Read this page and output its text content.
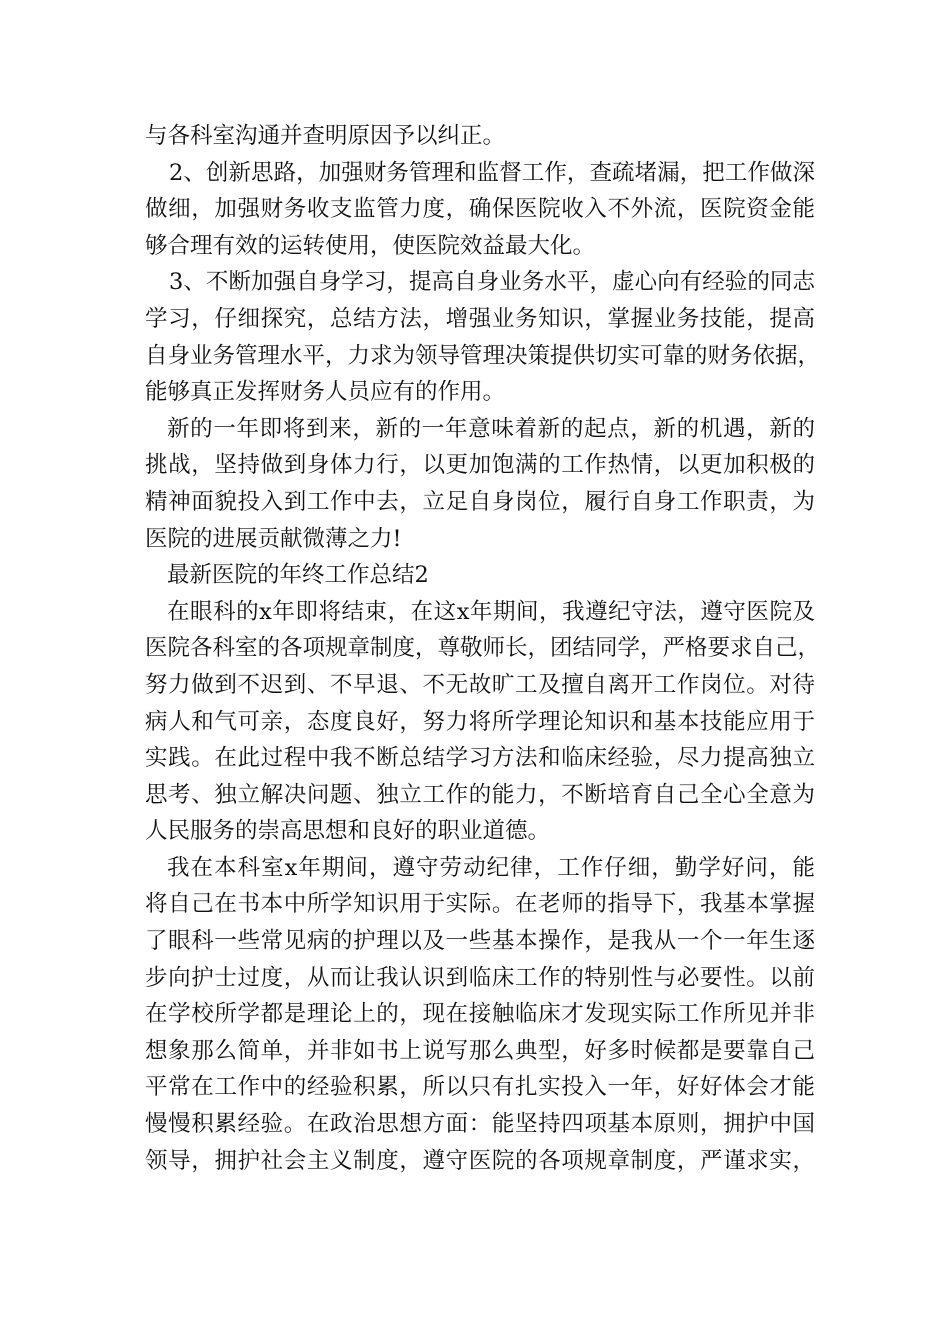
与各科室沟通并查明原因予以纠正。
2、创新思路，加强财务管理和监督工作，查疏堵漏，把工作做深
做细，加强财务收支监管力度，确保医院收入不外流，医院资金能
够合理有效的运转使用，使医院效益最大化。
3、不断加强自身学习，提高自身业务水平，虚心向有经验的同志
学习，仔细探究，总结方法，增强业务知识，掌握业务技能，提高
自身业务管理水平，力求为领导管理决策提供切实可靠的财务依据，
能够真正发挥财务人员应有的作用。
新的一年即将到来，新的一年意味着新的起点，新的机遇，新的
挑战，坚持做到身体力行，以更加饱满的工作热情，以更加积极的
精神面貌投入到工作中去，立足自身岗位，履行自身工作职责，为
医院的进展贡献微薄之力!
最新医院的年终工作总结2
在眼科的x年即将结束，在这x年期间，我遵纪守法，遵守医院及
医院各科室的各项规章制度，尊敬师长，团结同学，严格要求自己，
努力做到不迟到、不早退、不无故旷工及擅自离开工作岗位。对待
病人和气可亲，态度良好，努力将所学理论知识和基本技能应用于
实践。在此过程中我不断总结学习方法和临床经验，尽力提高独立
思考、独立解决问题、独立工作的能力，不断培育自己全心全意为
人民服务的崇高思想和良好的职业道德。
我在本科室x年期间，遵守劳动纪律，工作仔细，勤学好问，能
将自己在书本中所学知识用于实际。在老师的指导下，我基本掌握
了眼科一些常见病的护理以及一些基本操作，是我从一个一年生逐
步向护士过度，从而让我认识到临床工作的特别性与必要性。以前
在学校所学都是理论上的，现在接触临床才发现实际工作所见并非
想象那么简单，并非如书上说写那么典型，好多时候都是要靠自己
平常在工作中的经验积累，所以只有扎实投入一年，好好体会才能
慢慢积累经验。在政治思想方面：能坚持四项基本原则，拥护中国
领导，拥护社会主义制度，遵守医院的各项规章制度，严谨求实，
